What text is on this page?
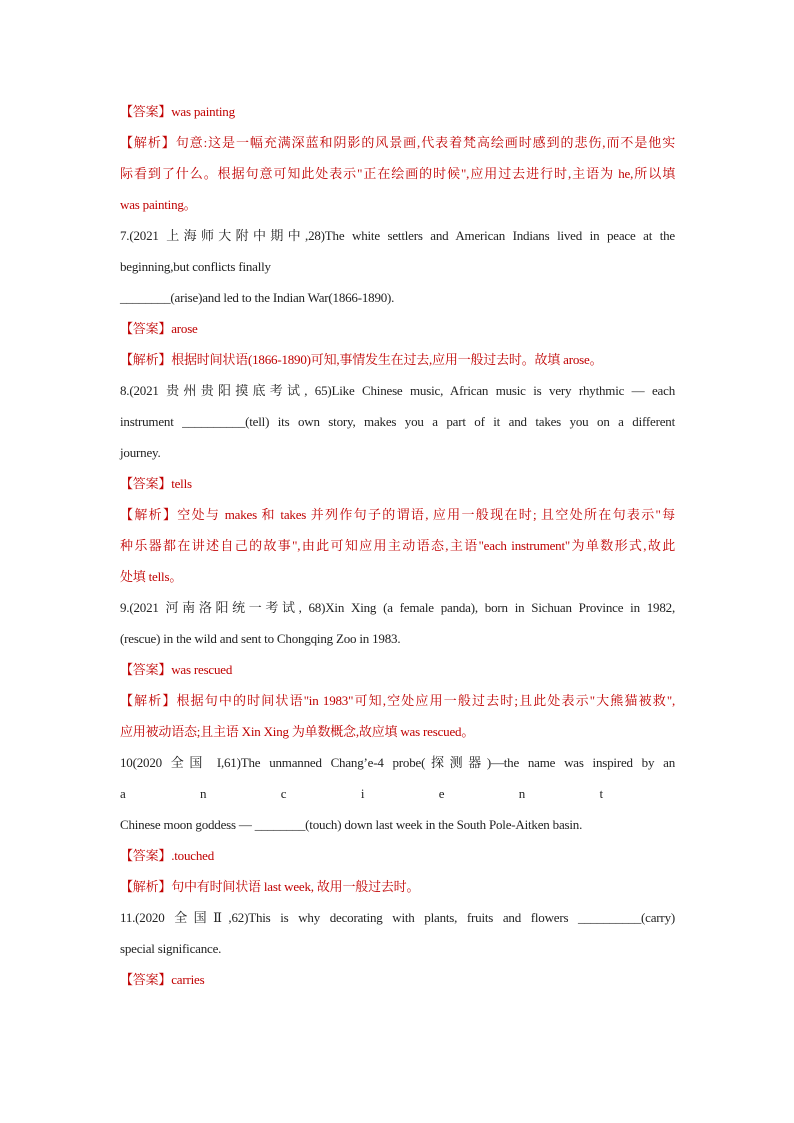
【答案】was painting
【解析】句意:这是一幅充满深蓝和阴影的风景画,代表着梵高绘画时感到的悲伤,而不是他实
际看到了什么。根据句意可知此处表示"正在绘画的时候",应用过去进行时,主语为 he,所以填
was painting。
7.(2021 上海师大附中期中,28)The white settlers and American Indians lived in peace at the
beginning,but conflicts finally
________(arise)and led to the Indian War(1866-1890).
【答案】arose
【解析】根据时间状语(1866-1890)可知,事情发生在过去,应用一般过去时。故填 arose。
8.(2021 贵州贵阳摸底考试, 65)Like Chinese music, African music is very rhythmic — each
instrument __________(tell) its own story, makes you a part of it and takes you on a different
journey.
【答案】tells
【解析】空处与 makes 和 takes 并列作句子的谓语, 应用一般现在时; 且空处所在句表示"每
种乐器都在讲述自己的故事",由此可知应用主动语态,主语"each instrument"为单数形式,故此
处填 tells。
9.(2021 河南洛阳统一考试, 68)Xin Xing (a female panda), born in Sichuan Province in 1982,
(rescue) in the wild and sent to Chongqing Zoo in 1983.
【答案】was rescued
【解析】根据句中的时间状语"in 1983"可知,空处应用一般过去时;且此处表示"大熊猫被救",
应用被动语态;且主语 Xin Xing 为单数概念,故应填 was rescued。
10(2020 全国 I,61)The unmanned Chang’e-4 probe(探测器)—the name was inspired by an
a	n	c	i	e	n	t
Chinese moon goddess — ________(touch) down last week in the South Pole-Aitken basin.
【答案】.touched
【解析】句中有时间状语 last week, 故用一般过去时。
11.(2020 全国Ⅱ,62)This is why decorating with plants, fruits and flowers __________(carry)
special significance.
【答案】carries
